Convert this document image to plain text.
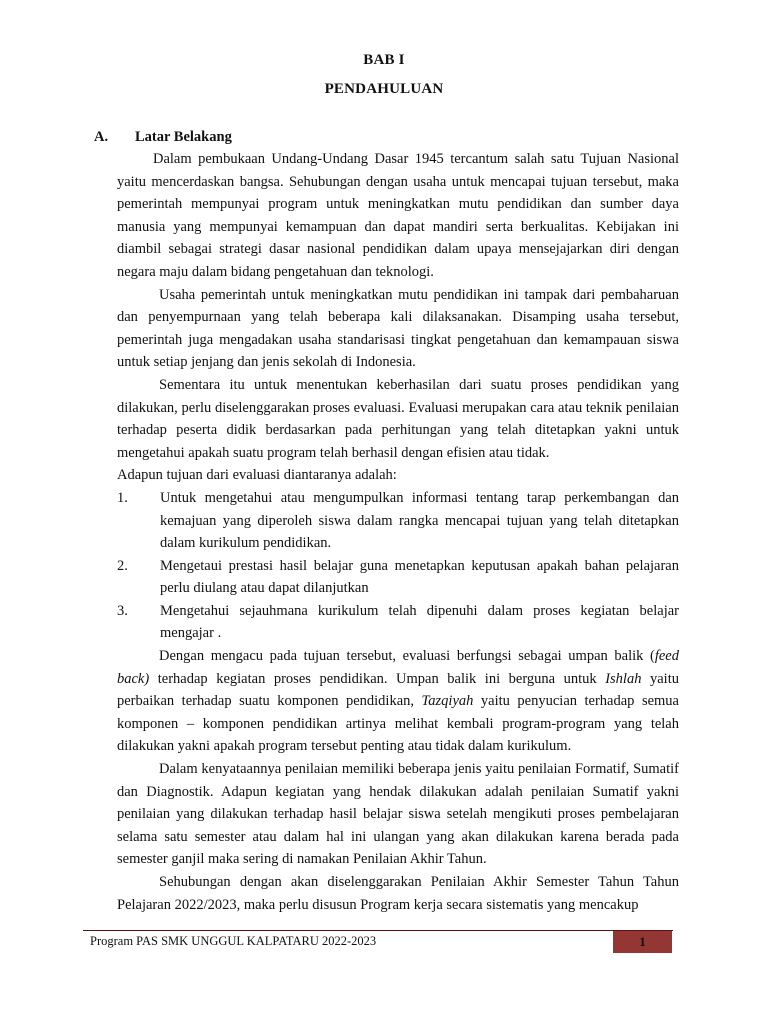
BAB I
PENDAHULUAN
A. Latar Belakang

Dalam pembukaan Undang-Undang Dasar 1945 tercantum salah satu Tujuan Nasional yaitu mencerdaskan bangsa. Sehubungan dengan usaha untuk mencapai tujuan tersebut, maka pemerintah mempunyai program untuk meningkatkan mutu pendidikan dan sumber daya manusia yang mempunyai kemampuan dan dapat mandiri serta berkualitas. Kebijakan ini diambil sebagai strategi dasar nasional pendidikan dalam upaya mensejajarkan diri dengan negara maju dalam bidang pengetahuan dan teknologi.

Usaha pemerintah untuk meningkatkan mutu pendidikan ini tampak dari pembaharuan dan penyempurnaan yang telah beberapa kali dilaksanakan. Disamping usaha tersebut, pemerintah juga mengadakan usaha standarisasi tingkat pengetahuan dan kemampauan siswa untuk setiap jenjang dan jenis sekolah di Indonesia.

Sementara itu untuk menentukan keberhasilan dari suatu proses pendidikan yang dilakukan, perlu diselenggarakan proses evaluasi. Evaluasi merupakan cara atau teknik penilaian terhadap peserta didik berdasarkan pada perhitungan yang telah ditetapkan yakni untuk mengetahui apakah suatu program telah berhasil dengan efisien atau tidak.

Adapun tujuan dari evaluasi diantaranya adalah:

1. Untuk mengetahui atau mengumpulkan informasi tentang tarap perkembangan dan kemajuan yang diperoleh siswa dalam rangka mencapai tujuan yang telah ditetapkan dalam kurikulum pendidikan.
2. Mengetaui prestasi hasil belajar guna menetapkan keputusan apakah bahan pelajaran perlu diulang atau dapat dilanjutkan
3. Mengetahui sejauhmana kurikulum telah dipenuhi dalam proses kegiatan belajar mengajar .

Dengan mengacu pada tujuan tersebut, evaluasi berfungsi sebagai umpan balik (feed back) terhadap kegiatan proses pendidikan. Umpan balik ini berguna untuk Ishlah yaitu perbaikan terhadap suatu komponen pendidikan, Tazqiyah yaitu penyucian terhadap semua komponen – komponen pendidikan artinya melihat kembali program-program yang telah dilakukan yakni apakah program tersebut penting atau tidak dalam kurikulum.

Dalam kenyataannya penilaian memiliki beberapa jenis yaitu penilaian Formatif, Sumatif dan Diagnostik. Adapun kegiatan yang hendak dilakukan adalah penilaian Sumatif yakni penilaian yang dilakukan terhadap hasil belajar siswa setelah mengikuti proses pembelajaran selama satu semester atau dalam hal ini ulangan yang akan dilakukan karena berada pada semester ganjil maka sering di namakan Penilaian Akhir Tahun.

Sehubungan dengan akan diselenggarakan Penilaian Akhir Semester Tahun Tahun Pelajaran 2022/2023, maka perlu disusun Program kerja secara sistematis yang mencakup

Program PAS SMK UNGGUL KALPATARU 2022-2023	1
